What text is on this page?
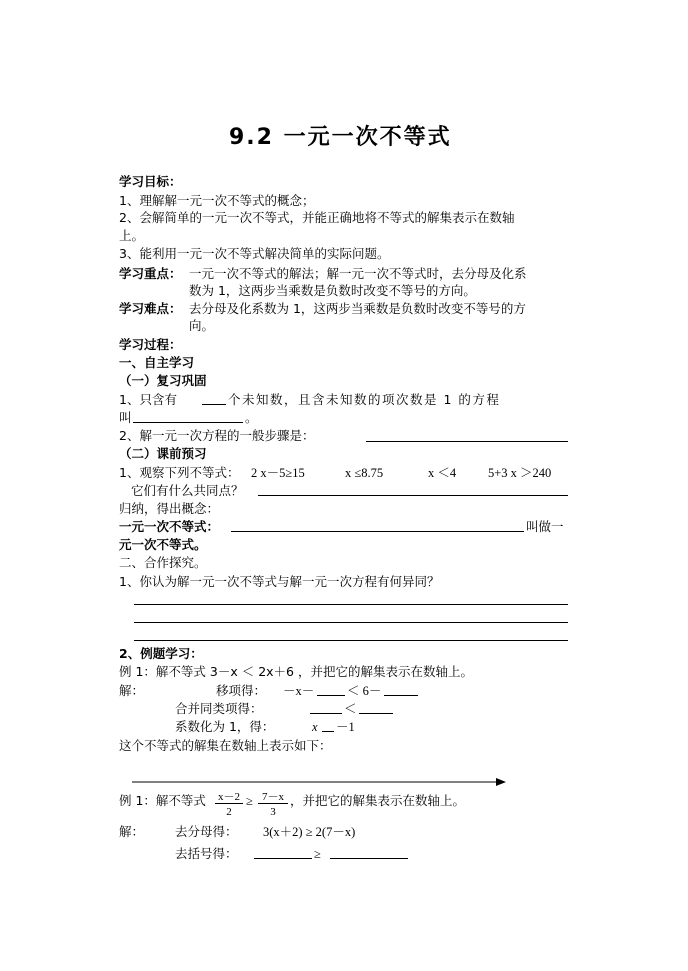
9.2 一元一次不等式
学习目标：
1、理解解一元一次不等式的概念；
2、会解简单的一元一次不等式，并能正确地将不等式的解集表示在数轴
上。
3、能利用一元一次不等式解决简单的实际问题。
学习重点： 一元一次不等式的解法；解一元一次不等式时，去分母及化系
数为 1，这两步当乘数是负数时改变不等号的方向。
学习难点： 去分母及化系数为 1，这两步当乘数是负数时改变不等号的方
向。
学习过程：
一、自主学习
（一）复习巩固
1、只含有	个未知数，且含未知数的项次数是 1 的方程
叫	。
2、解一元一次方程的一般步骤是：
（二）课前预习
1、观察下列不等式： 2 x－5≥15	x ≤8.75	x ＜4	5+3 x ＞240
它们有什么共同点？
归纳，得出概念：
一元一次不等式：	叫做一
元一次不等式。
二、合作探究。
1、你认为解一元一次不等式与解一元一次方程有何异同？
2、例题学习：
例 1：解不等式 3－x ＜ 2x＋6 ，并把它的解集表示在数轴上。
解：	移项得： －x－	＜ 6－
合并同类项得：	＜
系数化为 1，得：	x －1
这个不等式的解集在数轴上表示如下：
例 1：解不等式 x－2
2
≥ 7－x
3
，并把它的解集表示在数轴上。
解： 去分母得： 3(x＋2) ≥ 2(7－x)
去括号得：	≥
